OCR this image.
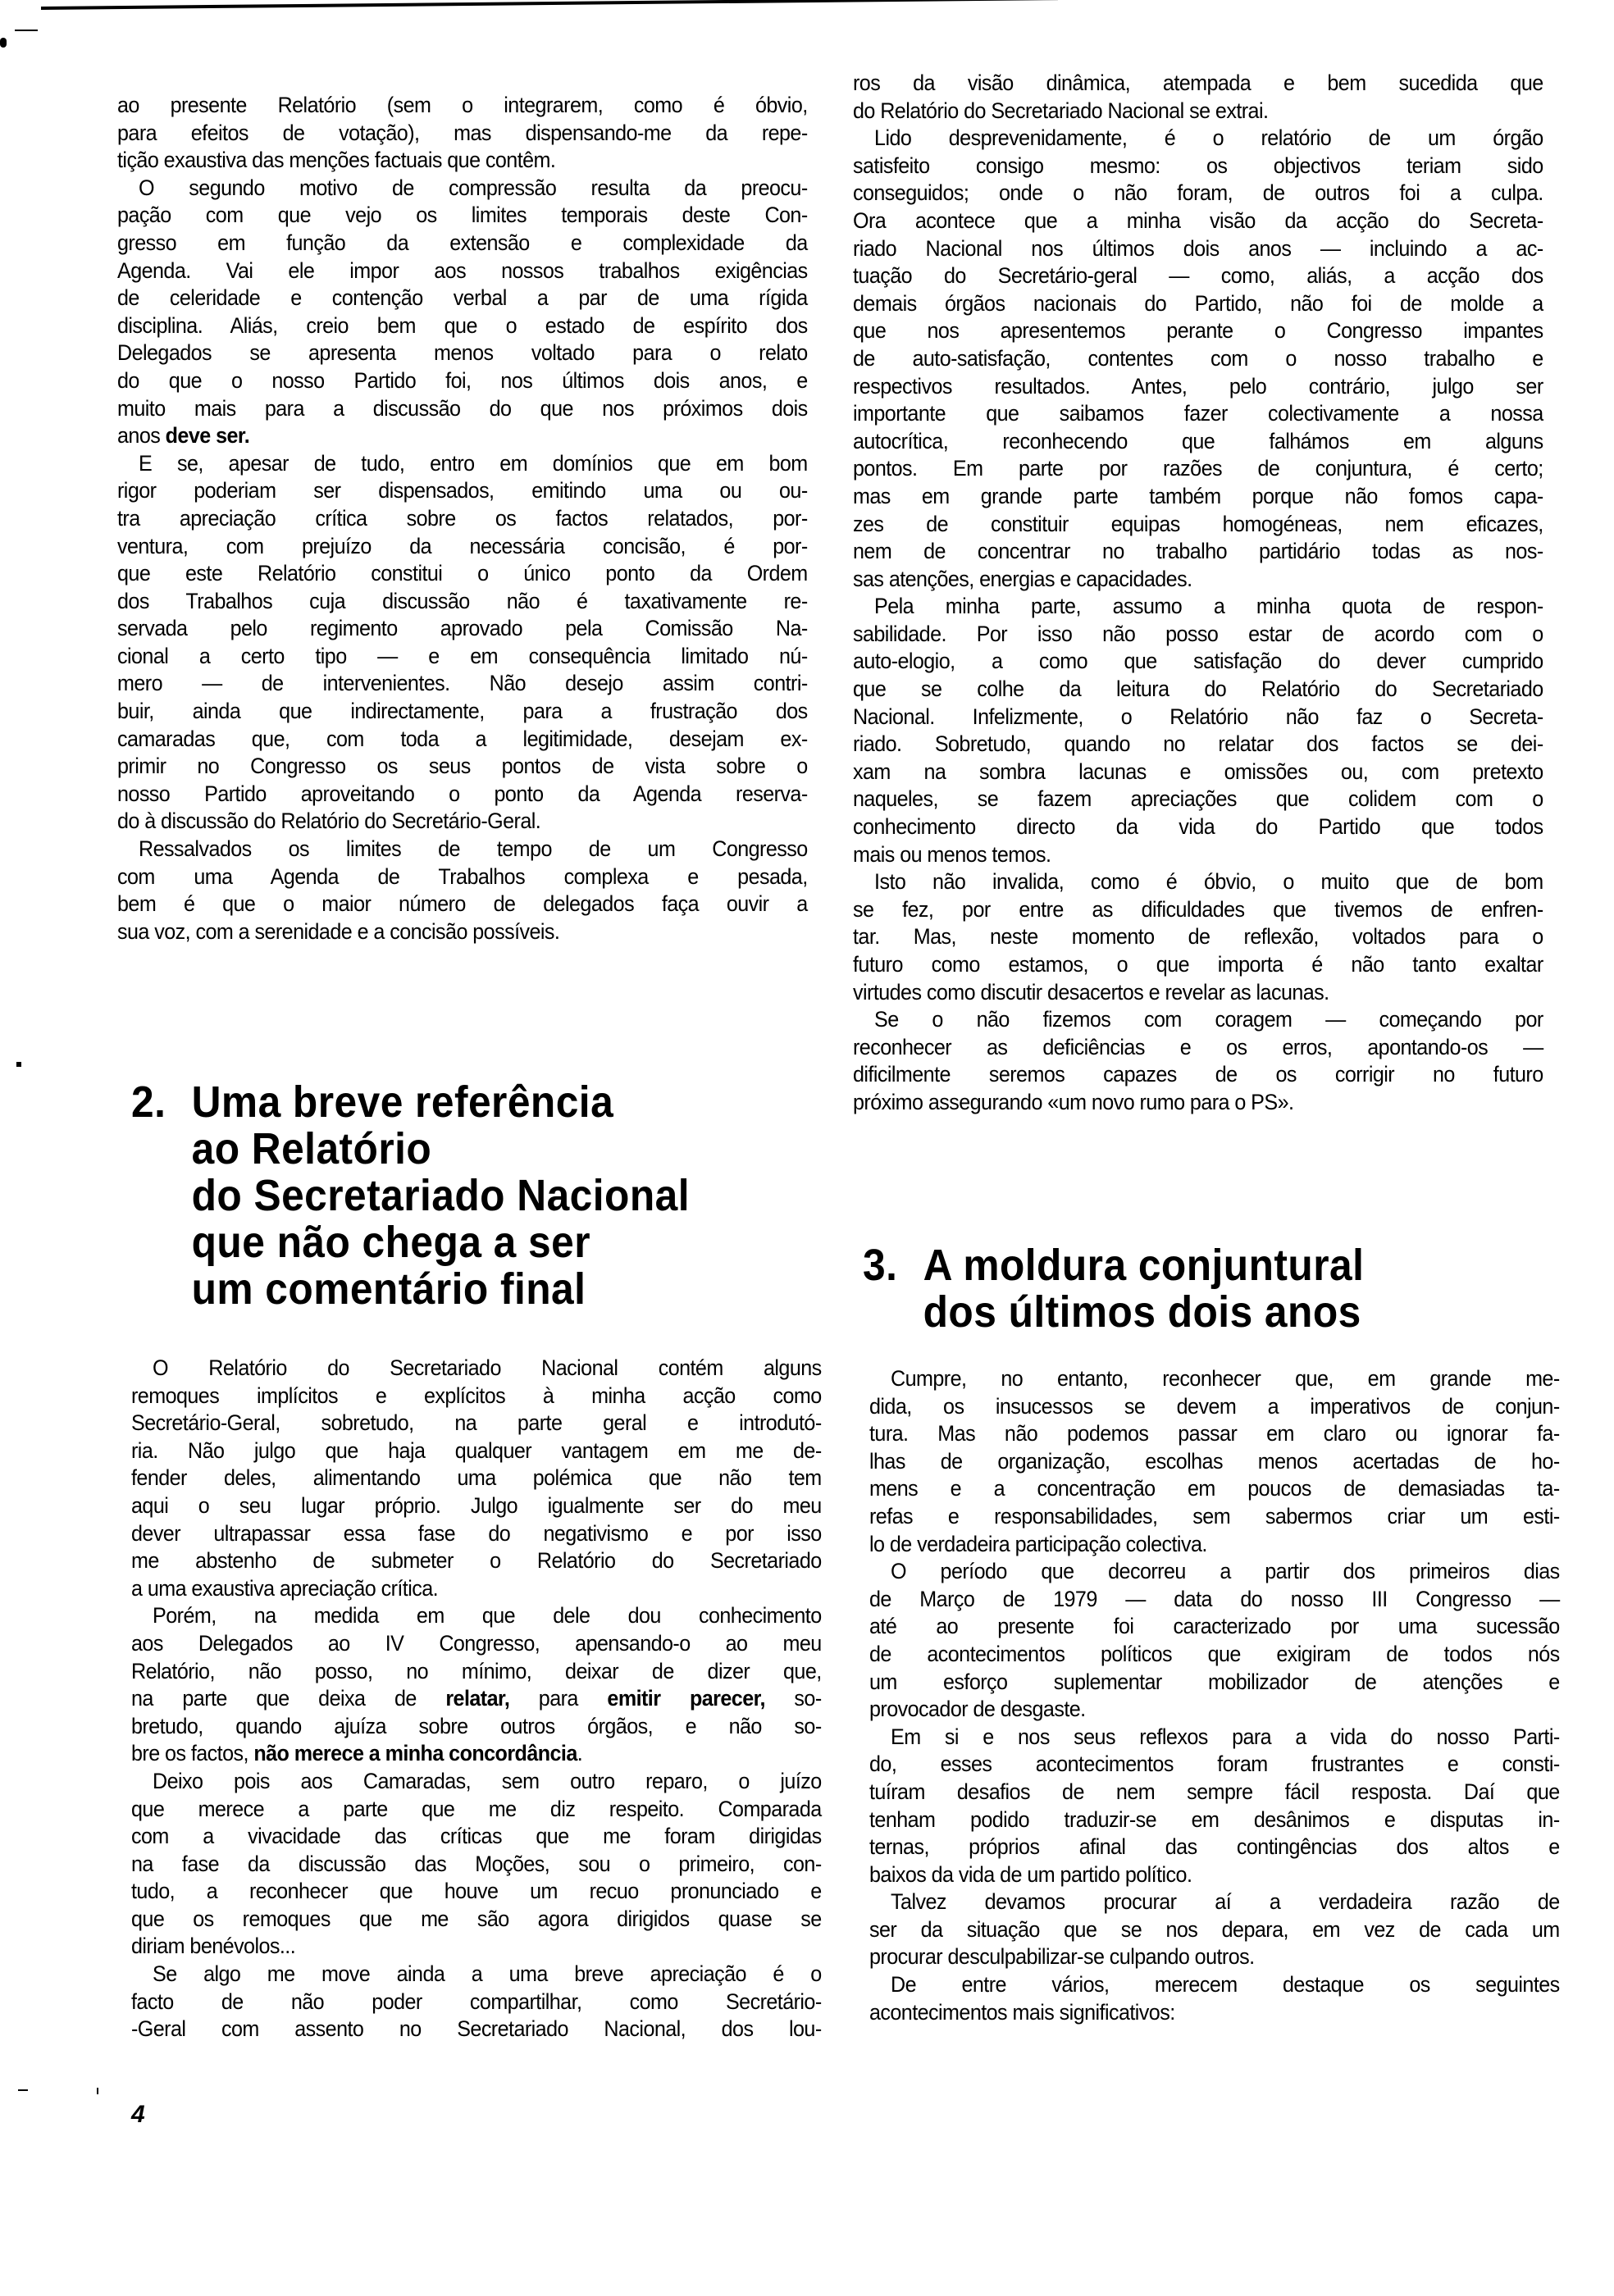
ao presente Relatório (sem o integrarem, como é óbvio,
para efeitos de votação), mas dispensando-me da repe-
tição exaustiva das menções factuais que contêm.
O segundo motivo de compressão resulta da preocu-
pação com que vejo os limites temporais deste Con-
gresso em função da extensão e complexidade da
Agenda. Vai ele impor aos nossos trabalhos exigências
de celeridade e contenção verbal a par de uma rígida
disciplina. Aliás, creio bem que o estado de espírito dos
Delegados se apresenta menos voltado para o relato
do que o nosso Partido foi, nos últimos dois anos, e
muito mais para a discussão do que nos próximos dois
anos deve ser.
E se, apesar de tudo, entro em domínios que em bom
rigor poderiam ser dispensados, emitindo uma ou ou-
tra apreciação crítica sobre os factos relatados, por-
ventura, com prejuízo da necessária concisão, é por-
que este Relatório constitui o único ponto da Ordem
dos Trabalhos cuja discussão não é taxativamente re-
servada pelo regimento aprovado pela Comissão Na-
cional a certo tipo — e em consequência limitado nú-
mero — de intervenientes. Não desejo assim contri-
buir, ainda que indirectamente, para a frustração dos
camaradas que, com toda a legitimidade, desejam ex-
primir no Congresso os seus pontos de vista sobre o
nosso Partido aproveitando o ponto da Agenda reserva-
do à discussão do Relatório do Secretário-Geral.
Ressalvados os limites de tempo de um Congresso
com uma Agenda de Trabalhos complexa e pesada,
bem é que o maior número de delegados faça ouvir a
sua voz, com a serenidade e a concisão possíveis.
2. Uma breve referência
ao Relatório
do Secretariado Nacional
que não chega a ser
um comentário final
O Relatório do Secretariado Nacional contém alguns
remoques implícitos e explícitos à minha acção como
Secretário-Geral, sobretudo, na parte geral e introdutó-
ria. Não julgo que haja qualquer vantagem em me de-
fender deles, alimentando uma polémica que não tem
aqui o seu lugar próprio. Julgo igualmente ser do meu
dever ultrapassar essa fase do negativismo e por isso
me abstenho de submeter o Relatório do Secretariado
a uma exaustiva apreciação crítica.
Porém, na medida em que dele dou conhecimento
aos Delegados ao IV Congresso, apensando-o ao meu
Relatório, não posso, no mínimo, deixar de dizer que,
na parte que deixa de relatar, para emitir parecer, so-
bretudo, quando ajuíza sobre outros órgãos, e não so-
bre os factos, não merece a minha concordância.
Deixo pois aos Camaradas, sem outro reparo, o juízo
que merece a parte que me diz respeito. Comparada
com a vivacidade das críticas que me foram dirigidas
na fase da discussão das Moções, sou o primeiro, con-
tudo, a reconhecer que houve um recuo pronunciado e
que os remoques que me são agora dirigidos quase se
diriam benévolos...
Se algo me move ainda a uma breve apreciação é o
facto de não poder compartilhar, como Secretário-
-Geral com assento no Secretariado Nacional, dos lou-
4
ros da visão dinâmica, atempada e bem sucedida que
do Relatório do Secretariado Nacional se extrai.
Lido desprevenidamente, é o relatório de um órgão
satisfeito consigo mesmo: os objectivos teriam sido
conseguidos; onde o não foram, de outros foi a culpa.
Ora acontece que a minha visão da acção do Secreta-
riado Nacional nos últimos dois anos — incluindo a ac-
tuação do Secretário-geral — como, aliás, a acção dos
demais órgãos nacionais do Partido, não foi de molde a
que nos apresentemos perante o Congresso impantes
de auto-satisfação, contentes com o nosso trabalho e
respectivos resultados. Antes, pelo contrário, julgo ser
importante que saibamos fazer colectivamente a nossa
autocrítica, reconhecendo que falhámos em alguns
pontos. Em parte por razões de conjuntura, é certo;
mas em grande parte também porque não fomos capa-
zes de constituir equipas homogéneas, nem eficazes,
nem de concentrar no trabalho partidário todas as nos-
sas atenções, energias e capacidades.
Pela minha parte, assumo a minha quota de respon-
sabilidade. Por isso não posso estar de acordo com o
auto-elogio, a como que satisfação do dever cumprido
que se colhe da leitura do Relatório do Secretariado
Nacional. Infelizmente, o Relatório não faz o Secreta-
riado. Sobretudo, quando no relatar dos factos se dei-
xam na sombra lacunas e omissões ou, com pretexto
naqueles, se fazem apreciações que colidem com o
conhecimento directo da vida do Partido que todos
mais ou menos temos.
Isto não invalida, como é óbvio, o muito que de bom
se fez, por entre as dificuldades que tivemos de enfren-
tar. Mas, neste momento de reflexão, voltados para o
futuro como estamos, o que importa é não tanto exaltar
virtudes como discutir desacertos e revelar as lacunas.
Se o não fizemos com coragem — começando por
reconhecer as deficiências e os erros, apontando-os —
dificilmente seremos capazes de os corrigir no futuro
próximo assegurando «um novo rumo para o PS».
3. A moldura conjuntural
dos últimos dois anos
Cumpre, no entanto, reconhecer que, em grande me-
dida, os insucessos se devem a imperativos de conjun-
tura. Mas não podemos passar em claro ou ignorar fa-
lhas de organização, escolhas menos acertadas de ho-
mens e a concentração em poucos de demasiadas ta-
refas e responsabilidades, sem sabermos criar um esti-
lo de verdadeira participação colectiva.
O período que decorreu a partir dos primeiros dias
de Março de 1979 — data do nosso III Congresso —
até ao presente foi caracterizado por uma sucessão
de acontecimentos políticos que exigiram de todos nós
um esforço suplementar mobilizador de atenções e
provocador de desgaste.
Em si e nos seus reflexos para a vida do nosso Parti-
do, esses acontecimentos foram frustrantes e consti-
tuíram desafios de nem sempre fácil resposta. Daí que
tenham podido traduzir-se em desânimos e disputas in-
ternas, próprios afinal das contingências dos altos e
baixos da vida de um partido político.
Talvez devamos procurar aí a verdadeira razão de
ser da situação que se nos depara, em vez de cada um
procurar desculpabilizar-se culpando outros.
De entre vários, merecem destaque os seguintes
acontecimentos mais significativos:
